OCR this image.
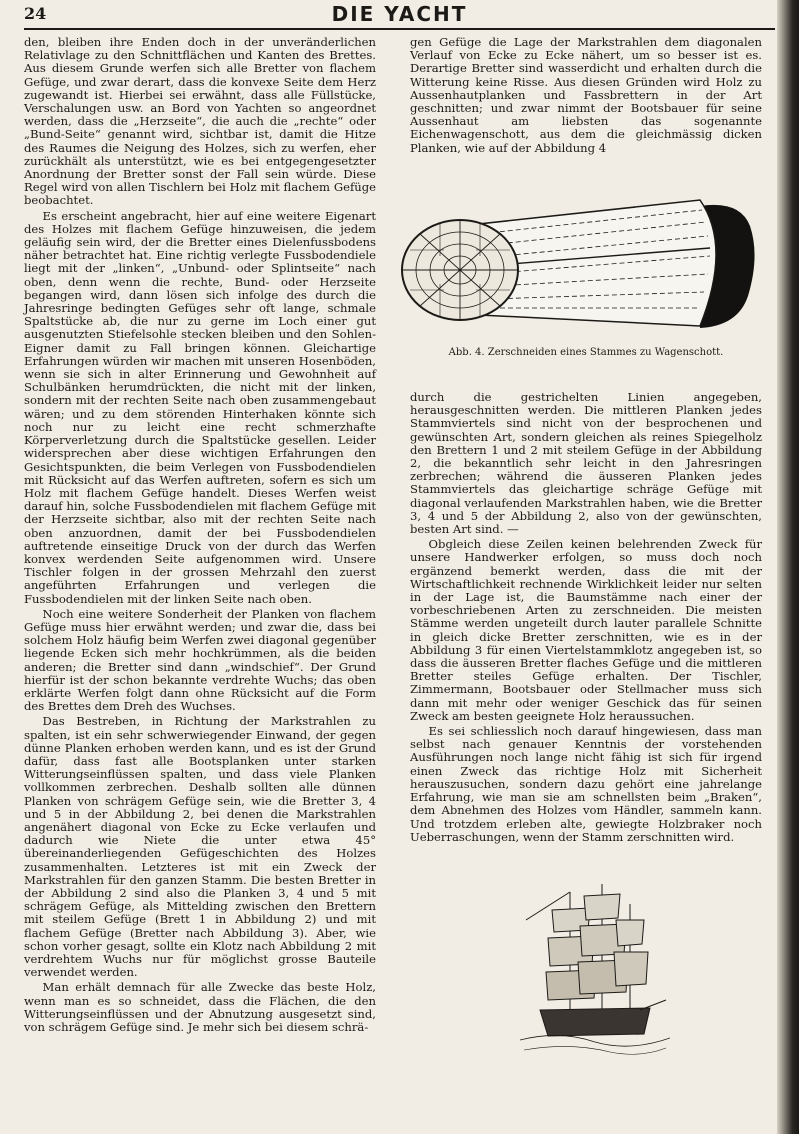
24	DIE YACHT

den, bleiben ihre Enden doch in der unveränderlichen Relativlage zu den Schnittflächen und Kanten des Brettes. Aus diesem Grunde werfen sich alle Bretter von flachem Gefüge, und zwar derart, dass die konvexe Seite dem Herz zugewandt ist. Hierbei sei erwähnt, dass alle Füllstücke, Verschalungen usw. an Bord von Yachten so angeordnet werden, dass die „Herzseite“, die auch die „rechte“ oder „Bund-Seite“ genannt wird, sichtbar ist, damit die Hitze des Raumes die Neigung des Holzes, sich zu werfen, eher zurückhält als unterstützt, wie es bei entgegengesetzter Anordnung der Bretter sonst der Fall sein würde. Diese Regel wird von allen Tischlern bei Holz mit flachem Gefüge beobachtet.

Es erscheint angebracht, hier auf eine weitere Eigenart des Holzes mit flachem Gefüge hinzuweisen, die jedem geläufig sein wird, der die Bretter eines Dielenfussbodens näher betrachtet hat. Eine richtig verlegte Fussbodendiele liegt mit der „linken“, „Unbund- oder Splintseite“ nach oben, denn wenn die rechte, Bund- oder Herzseite begangen wird, dann lösen sich infolge des durch die Jahresringe bedingten Gefüges sehr oft lange, schmale Spaltstücke ab, die nur zu gerne im Loch einer gut ausgenutzten Stiefelsohle stecken bleiben und den Sohlen-Eigner damit zu Fall bringen können. Gleichartige Erfahrungen würden wir machen mit unseren Hosenböden, wenn sie sich in alter Erinnerung und Gewohnheit auf Schulbänken herumdrückten, die nicht mit der linken, sondern mit der rechten Seite nach oben zusammengebaut wären; und zu dem störenden Hinterhaken könnte sich noch nur zu leicht eine recht schmerzhafte Körperverletzung durch die Spaltstücke gesellen. Leider widersprechen aber diese wichtigen Erfahrungen den Gesichtspunkten, die beim Verlegen von Fussbodendielen mit Rücksicht auf das Werfen auftreten, sofern es sich um Holz mit flachem Gefüge handelt. Dieses Werfen weist darauf hin, solche Fussbodendielen mit flachem Gefüge mit der Herzseite sichtbar, also mit der rechten Seite nach oben anzuordnen, damit der bei Fussbodendielen auftretende einseitige Druck von der durch das Werfen konvex werdenden Seite aufgenommen wird. Unsere Tischler folgen in der grossen Mehrzahl den zuerst angeführten Erfahrungen und verlegen die Fussbodendielen mit der linken Seite nach oben.

Noch eine weitere Sonderheit der Planken von flachem Gefüge muss hier erwähnt werden; und zwar die, dass bei solchem Holz häufig beim Werfen zwei diagonal gegenüber liegende Ecken sich mehr hochkrümmen, als die beiden anderen; die Bretter sind dann „windschief“. Der Grund hierfür ist der schon bekannte verdrehte Wuchs; das oben erklärte Werfen folgt dann ohne Rücksicht auf die Form des Brettes dem Dreh des Wuchses.

Das Bestreben, in Richtung der Markstrahlen zu spalten, ist ein sehr schwerwiegender Einwand, der gegen dünne Planken erhoben werden kann, und es ist der Grund dafür, dass fast alle Bootsplanken unter starken Witterungseinflüssen spalten, und dass viele Planken vollkommen zerbrechen. Deshalb sollten alle dünnen Planken von schrägem Gefüge sein, wie die Bretter 3, 4 und 5 in der Abbildung 2, bei denen die Markstrahlen angenähert diagonal von Ecke zu Ecke verlaufen und dadurch wie Niete die unter etwa 45° übereinanderliegenden Gefügeschichten des Holzes zusammenhalten. Letzteres ist mit ein Zweck der Markstrahlen für den ganzen Stamm. Die besten Bretter in der Abbildung 2 sind also die Planken 3, 4 und 5 mit schrägem Gefüge, als Mittelding zwischen den Brettern mit steilem Gefüge (Brett 1 in Abbildung 2) und mit flachem Gefüge (Bretter nach Abbildung 3). Aber, wie schon vorher gesagt, sollte ein Klotz nach Abbildung 2 mit verdrehtem Wuchs nur für möglichst grosse Bauteile verwendet werden.

Man erhält demnach für alle Zwecke das beste Holz, wenn man es so schneidet, dass die Flächen, die den Witterungseinflüssen und der Abnutzung ausgesetzt sind, von schrägem Gefüge sind. Je mehr sich bei diesem schrä-

gen Gefüge die Lage der Markstrahlen dem diagonalen Verlauf von Ecke zu Ecke nähert, um so besser ist es. Derartige Bretter sind wasserdicht und erhalten durch die Witterung keine Risse. Aus diesen Gründen wird Holz zu Aussenhautplanken und Fassbrettern in der Art geschnitten; und zwar nimmt der Bootsbauer für seine Aussenhaut am liebsten das sogenannte Eichenwagenschott, aus dem die gleichmässig dicken Planken, wie auf der Abbildung 4

Abb. 4. Zerschneiden eines Stammes zu Wagenschott.

durch die gestrichelten Linien angegeben, herausgeschnitten werden. Die mittleren Planken jedes Stammviertels sind nicht von der besprochenen und gewünschten Art, sondern gleichen als reines Spiegelholz den Brettern 1 und 2 mit steilem Gefüge in der Abbildung 2, die bekanntlich sehr leicht in den Jahresringen zerbrechen; während die äusseren Planken jedes Stammviertels das gleichartige schräge Gefüge mit diagonal verlaufenden Markstrahlen haben, wie die Bretter 3, 4 und 5 der Abbildung 2, also von der gewünschten, besten Art sind. —

Obgleich diese Zeilen keinen belehrenden Zweck für unsere Handwerker erfolgen, so muss doch noch ergänzend bemerkt werden, dass die mit der Wirtschaftlichkeit rechnende Wirklichkeit leider nur selten in der Lage ist, die Baumstämme nach einer der vorbeschriebenen Arten zu zerschneiden. Die meisten Stämme werden ungeteilt durch lauter parallele Schnitte in gleich dicke Bretter zerschnitten, wie es in der Abbildung 3 für einen Viertelstammklotz angegeben ist, so dass die äusseren Bretter flaches Gefüge und die mittleren Bretter steiles Gefüge erhalten. Der Tischler, Zimmermann, Bootsbauer oder Stellmacher muss sich dann mit mehr oder weniger Geschick das für seinen Zweck am besten geeignete Holz heraussuchen.

Es sei schliesslich noch darauf hingewiesen, dass man selbst nach genauer Kenntnis der vorstehenden Ausführungen noch lange nicht fähig ist sich für irgend einen Zweck das richtige Holz mit Sicherheit herauszusuchen, sondern dazu gehört eine jahrelange Erfahrung, wie man sie am schnellsten beim „Braken“, dem Abnehmen des Holzes vom Händler, sammeln kann. Und trotzdem erleben alte, gewiegte Holzbraker noch Ueberraschungen, wenn der Stamm zerschnitten wird.
